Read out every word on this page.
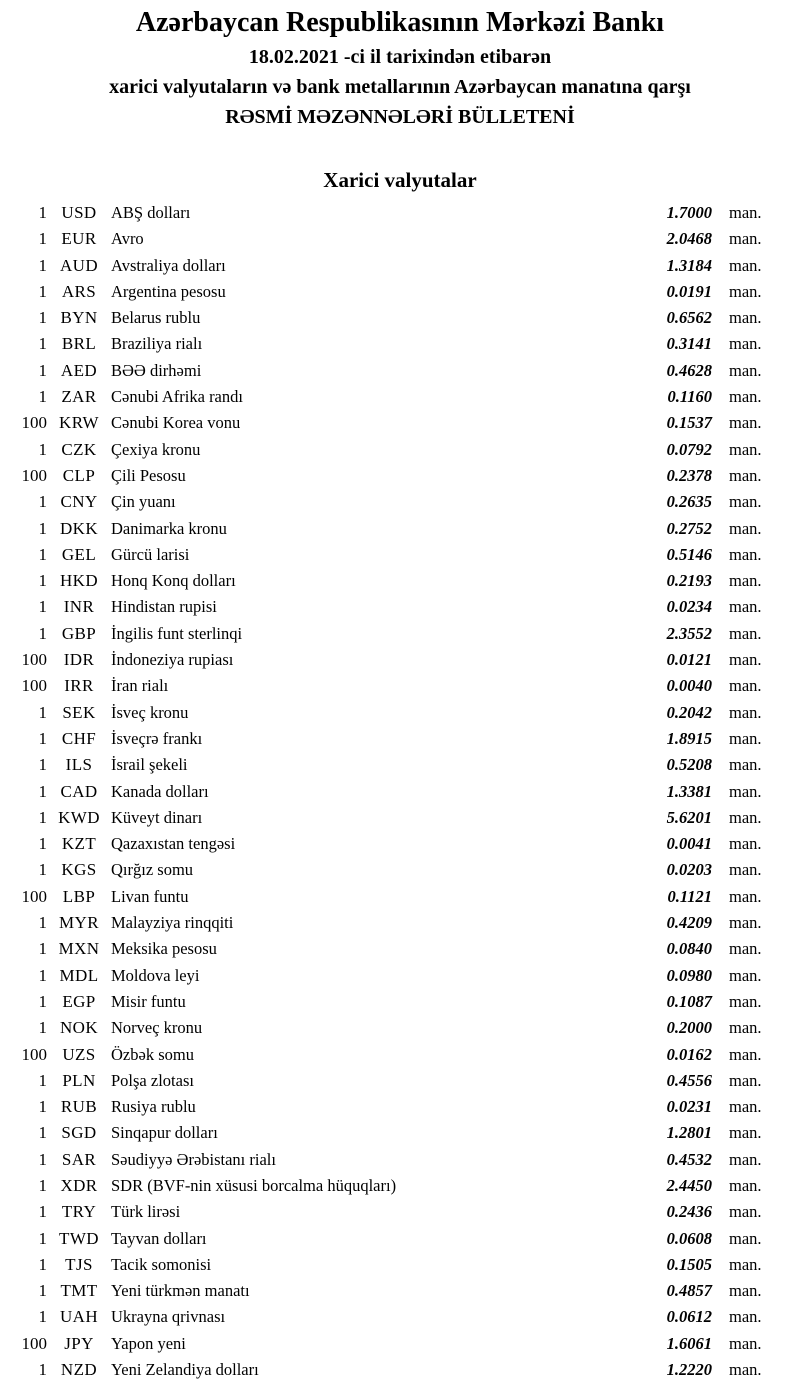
Azərbaycan Respublikasının Mərkəzi Bankı
18.02.2021 -ci il tarixindən etibarən
xarici valyutaların və bank metallarının Azərbaycan manatına qarşı
RƏSMİ MƏZƏNNƏLƏRİ BÜLLETENİ
Xarici valyutalar
1 USD ABŞ dolları	1.7000	man.
1 EUR Avro	2.0468	man.
1 AUD Avstraliya dolları	1.3184	man.
1 ARS Argentina pesosu	0.0191	man.
1 BYN Belarus rublu	0.6562	man.
1 BRL Braziliya rialı	0.3141	man.
1 AED BƏƏ dirhəmi	0.4628	man.
1 ZAR Cənubi Afrika randı	0.1160	man.
100 KRW Cənubi Korea vonu	0.1537	man.
1 CZK Çexiya kronu	0.0792	man.
100 CLP Çili Pesosu	0.2378	man.
1 CNY Çin yuanı	0.2635	man.
1 DKK Danimarka kronu	0.2752	man.
1 GEL Gürcü larisi	0.5146	man.
1 HKD Honq Konq dolları	0.2193	man.
1 INR	Hindistan rupisi	0.0234	man.
1 GBP İngilis funt sterlinqi	2.3552	man.
100 IDR	İndoneziya rupiası	0.0121	man.
100	IRR	İran rialı	0.0040	man.
1 SEK İsveç kronu	0.2042	man.
1 CHF İsveçrə frankı	1.8915	man.
1	ILS	İsrail şekeli	0.5208	man.
1 CAD Kanada dolları	1.3381	man.
1 KWD Küveyt dinarı	5.6201	man.
1 KZT Qazaxıstan tengəsi	0.0041	man.
1 KGS Qırğız somu	0.0203	man.
100 LBP Livan funtu	0.1121	man.
1 MYR Malayziya rinqqiti	0.4209	man.
1 MXN Meksika pesosu	0.0840	man.
1 MDL Moldova leyi	0.0980	man.
1 EGP Misir funtu	0.1087	man.
1 NOK Norveç kronu	0.2000	man.
100 UZS Özbək somu	0.0162	man.
1 PLN Polşa zlotası	0.4556	man.
1 RUB Rusiya rublu	0.0231	man.
1 SGD Sinqapur dolları	1.2801	man.
1 SAR Səudiyyə Ərəbistanı rialı	0.4532	man.
1 XDR SDR (BVF-nin xüsusi borcalma hüquqları)	2.4450	man.
1 TRY Türk lirəsi	0.2436	man.
1 TWD Tayvan dolları	0.0608	man.
1	TJS	Tacik somonisi	0.1505	man.
1 TMT Yeni türkmən manatı	0.4857	man.
1 UAH Ukrayna qrivnası	0.0612	man.
100	JPY	Yapon yeni	1.6061	man.
1 NZD Yeni Zelandiya dolları	1.2220	man.
